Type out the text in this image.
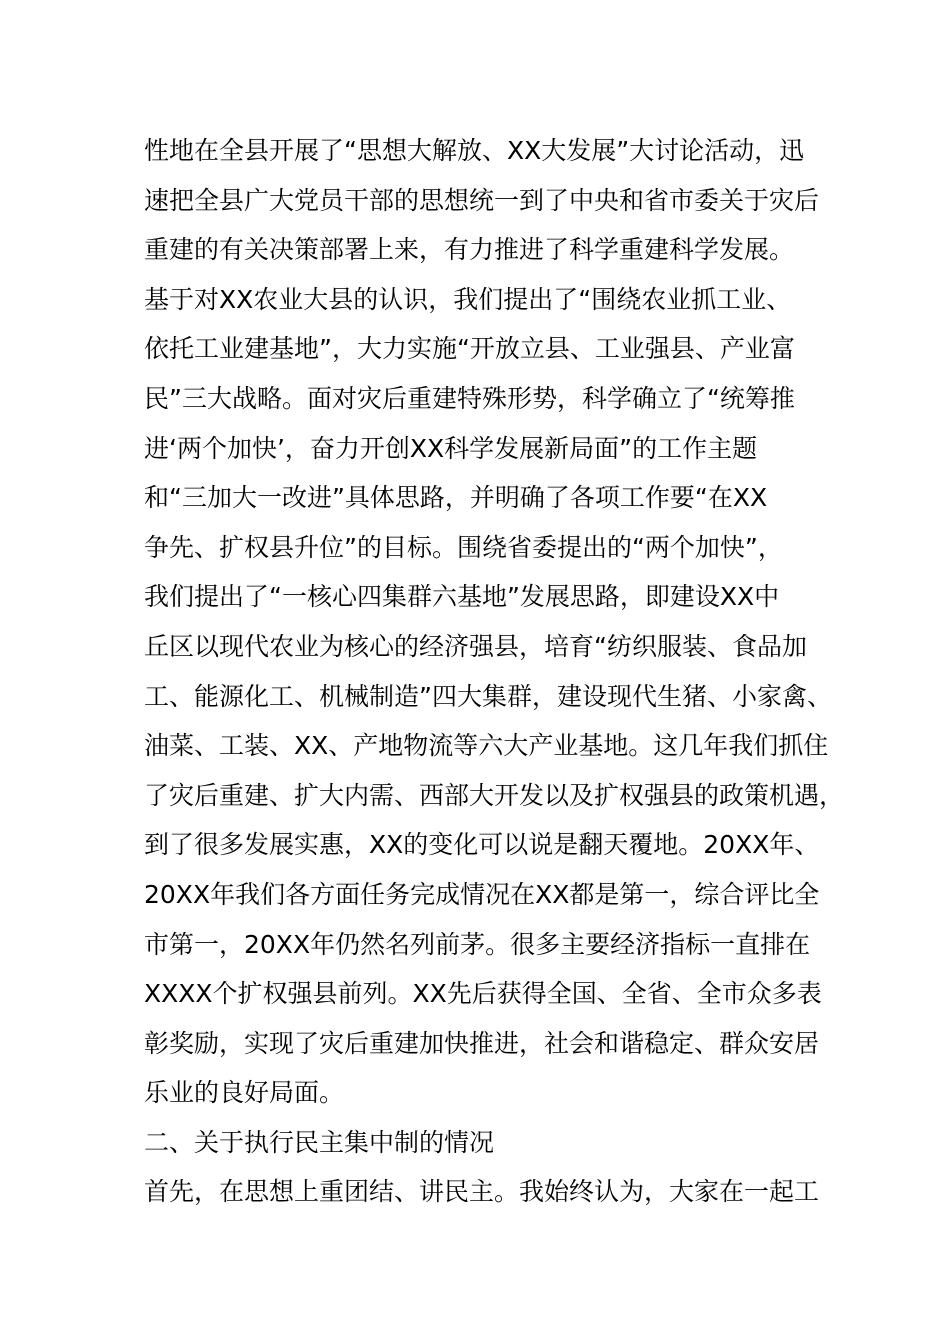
性地在全县开展了“思想大解放、XX大发展”大讨论活动，迅
速把全县广大党员干部的思想统一到了中央和省市委关于灾后
重建的有关决策部署上来，有力推进了科学重建科学发展。
基于对XX农业大县的认识，我们提出了“围绕农业抓工业、
依托工业建基地”，大力实施“开放立县、工业强县、产业富
民”三大战略。面对灾后重建特殊形势，科学确立了“统筹推
进‘两个加快’，奋力开创XX科学发展新局面”的工作主题
和“三加大一改进”具体思路，并明确了各项工作要“在XX
争先、扩权县升位”的目标。围绕省委提出的“两个加快”，
我们提出了“一核心四集群六基地”发展思路，即建设XX中
丘区以现代农业为核心的经济强县，培育“纺织服装、食品加
工、能源化工、机械制造”四大集群，建设现代生猪、小家禽、
油菜、工装、XX、产地物流等六大产业基地。这几年我们抓住
了灾后重建、扩大内需、西部大开发以及扩权强县的政策机遇，
到了很多发展实惠，XX的变化可以说是翻天覆地。20XX年、
20XX年我们各方面任务完成情况在XX都是第一，综合评比全
市第一，20XX年仍然名列前茅。很多主要经济指标一直排在
XXXX个扩权强县前列。XX先后获得全国、全省、全市众多表
彰奖励，实现了灾后重建加快推进，社会和谐稳定、群众安居
乐业的良好局面。
二、关于执行民主集中制的情况
首先，在思想上重团结、讲民主。我始终认为，大家在一起工
